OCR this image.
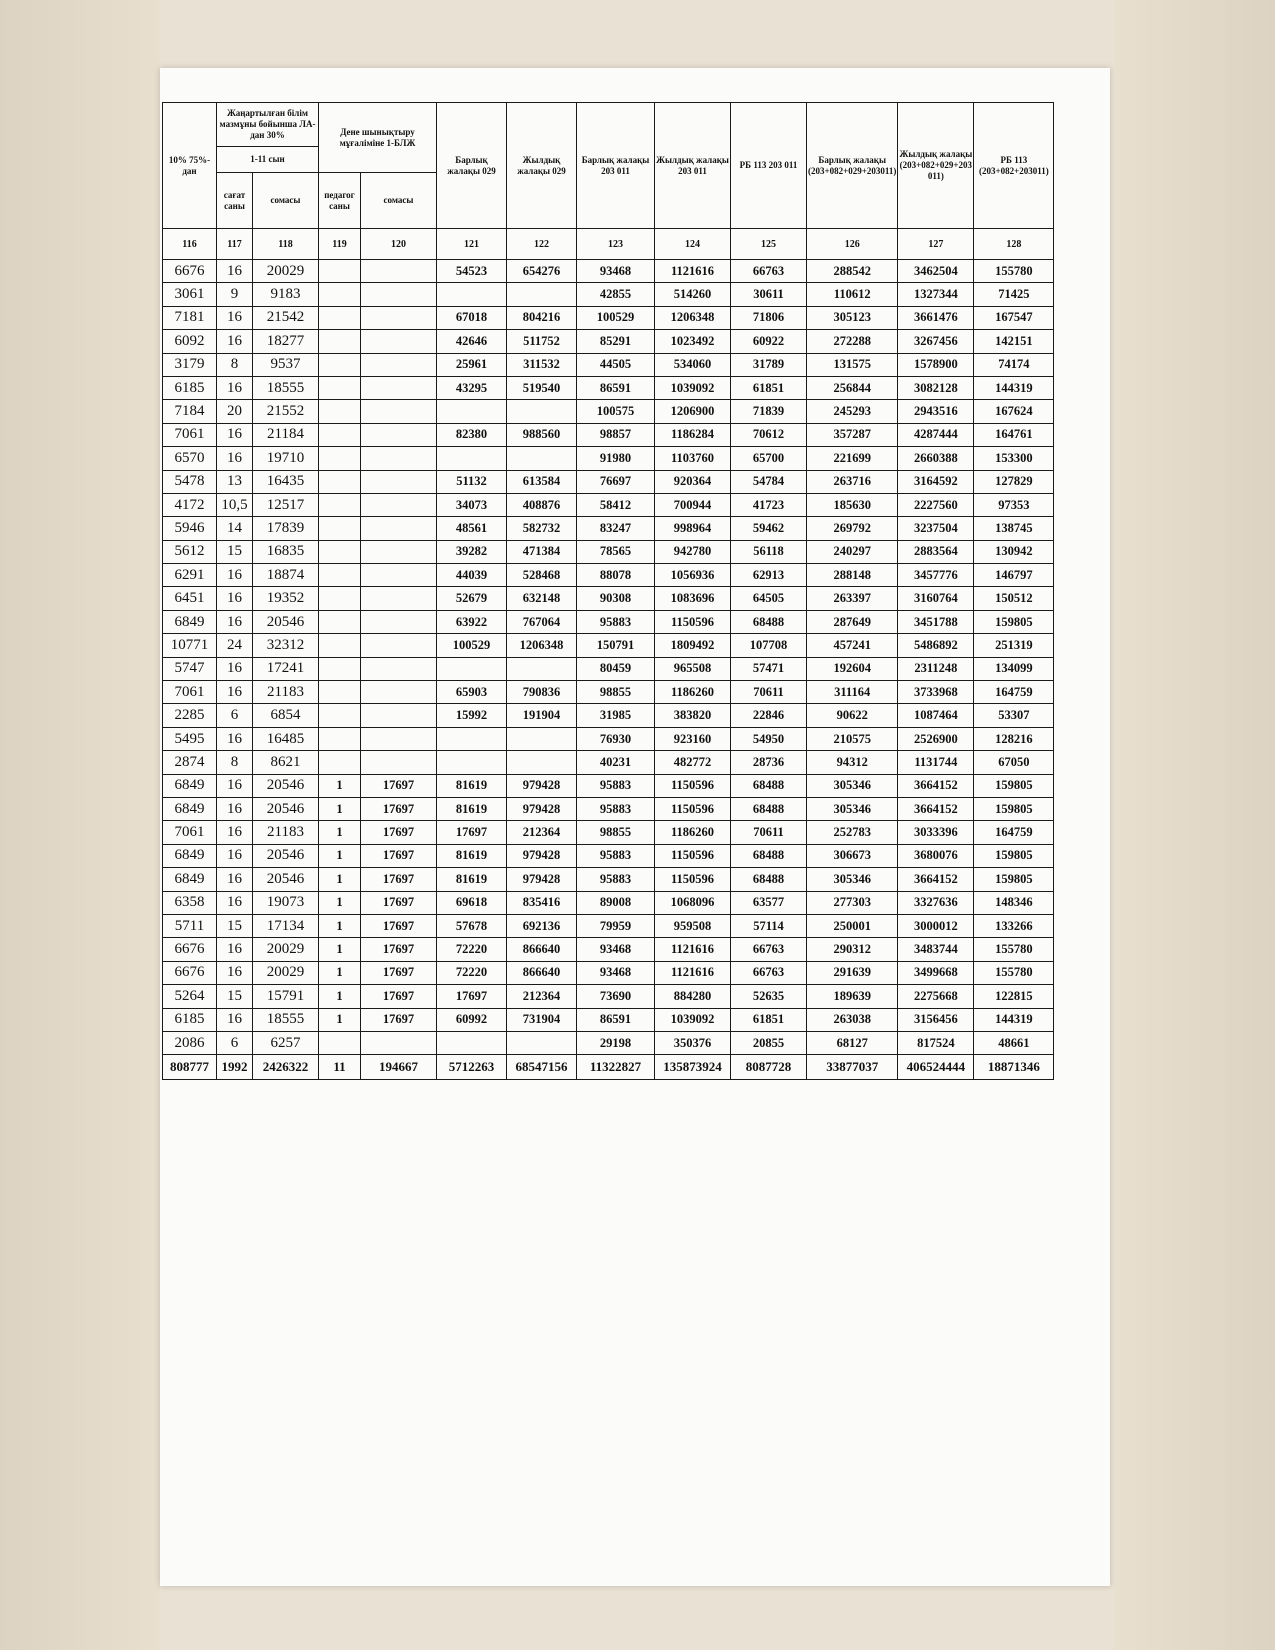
10% 75%-дан	Жаңартылған білім мазмұны бойынша ЛА-дан 30%		Дене шынықтыру мұғаліміне 1-БЛЖ		Барлық жалақы 029	Жылдық жалақы 029	Барлық жалақы 203 011	Жылдық жалақы 203 011	РБ 113 203 011	Барлық жалақы (203+082+029+203011)	Жылдық жалақы (203+082+029+203 011)	РБ 113 (203+082+203011)
	1-11 сын											
	сағат саны	сомасы	педагог саны	сомасы								
116	117	118	119	120	121	122	123	124	125	126	127	128
6676	16	20029			54523	654276	93468	1121616	66763	288542	3462504	155780
3061	9	9183					42855	514260	30611	110612	1327344	71425
7181	16	21542			67018	804216	100529	1206348	71806	305123	3661476	167547
6092	16	18277			42646	511752	85291	1023492	60922	272288	3267456	142151
3179	8	9537			25961	311532	44505	534060	31789	131575	1578900	74174
6185	16	18555			43295	519540	86591	1039092	61851	256844	3082128	144319
7184	20	21552					100575	1206900	71839	245293	2943516	167624
7061	16	21184			82380	988560	98857	1186284	70612	357287	4287444	164761
6570	16	19710					91980	1103760	65700	221699	2660388	153300
5478	13	16435			51132	613584	76697	920364	54784	263716	3164592	127829
4172	10,5	12517			34073	408876	58412	700944	41723	185630	2227560	97353
5946	14	17839			48561	582732	83247	998964	59462	269792	3237504	138745
5612	15	16835			39282	471384	78565	942780	56118	240297	2883564	130942
6291	16	18874			44039	528468	88078	1056936	62913	288148	3457776	146797
6451	16	19352			52679	632148	90308	1083696	64505	263397	3160764	150512
6849	16	20546			63922	767064	95883	1150596	68488	287649	3451788	159805
10771	24	32312			100529	1206348	150791	1809492	107708	457241	5486892	251319
5747	16	17241					80459	965508	57471	192604	2311248	134099
7061	16	21183			65903	790836	98855	1186260	70611	311164	3733968	164759
2285	6	6854			15992	191904	31985	383820	22846	90622	1087464	53307
5495	16	16485					76930	923160	54950	210575	2526900	128216
2874	8	8621					40231	482772	28736	94312	1131744	67050
6849	16	20546	1	17697	81619	979428	95883	1150596	68488	305346	3664152	159805
6849	16	20546	1	17697	81619	979428	95883	1150596	68488	305346	3664152	159805
7061	16	21183	1	17697	17697	212364	98855	1186260	70611	252783	3033396	164759
6849	16	20546	1	17697	81619	979428	95883	1150596	68488	306673	3680076	159805
6849	16	20546	1	17697	81619	979428	95883	1150596	68488	305346	3664152	159805
6358	16	19073	1	17697	69618	835416	89008	1068096	63577	277303	3327636	148346
5711	15	17134	1	17697	57678	692136	79959	959508	57114	250001	3000012	133266
6676	16	20029	1	17697	72220	866640	93468	1121616	66763	290312	3483744	155780
6676	16	20029	1	17697	72220	866640	93468	1121616	66763	291639	3499668	155780
5264	15	15791	1	17697	17697	212364	73690	884280	52635	189639	2275668	122815
6185	16	18555	1	17697	60992	731904	86591	1039092	61851	263038	3156456	144319
2086	6	6257					29198	350376	20855	68127	817524	48661
808777	1992	2426322	11	194667	5712263	68547156	11322827	135873924	8087728	33877037	406524444	18871346
